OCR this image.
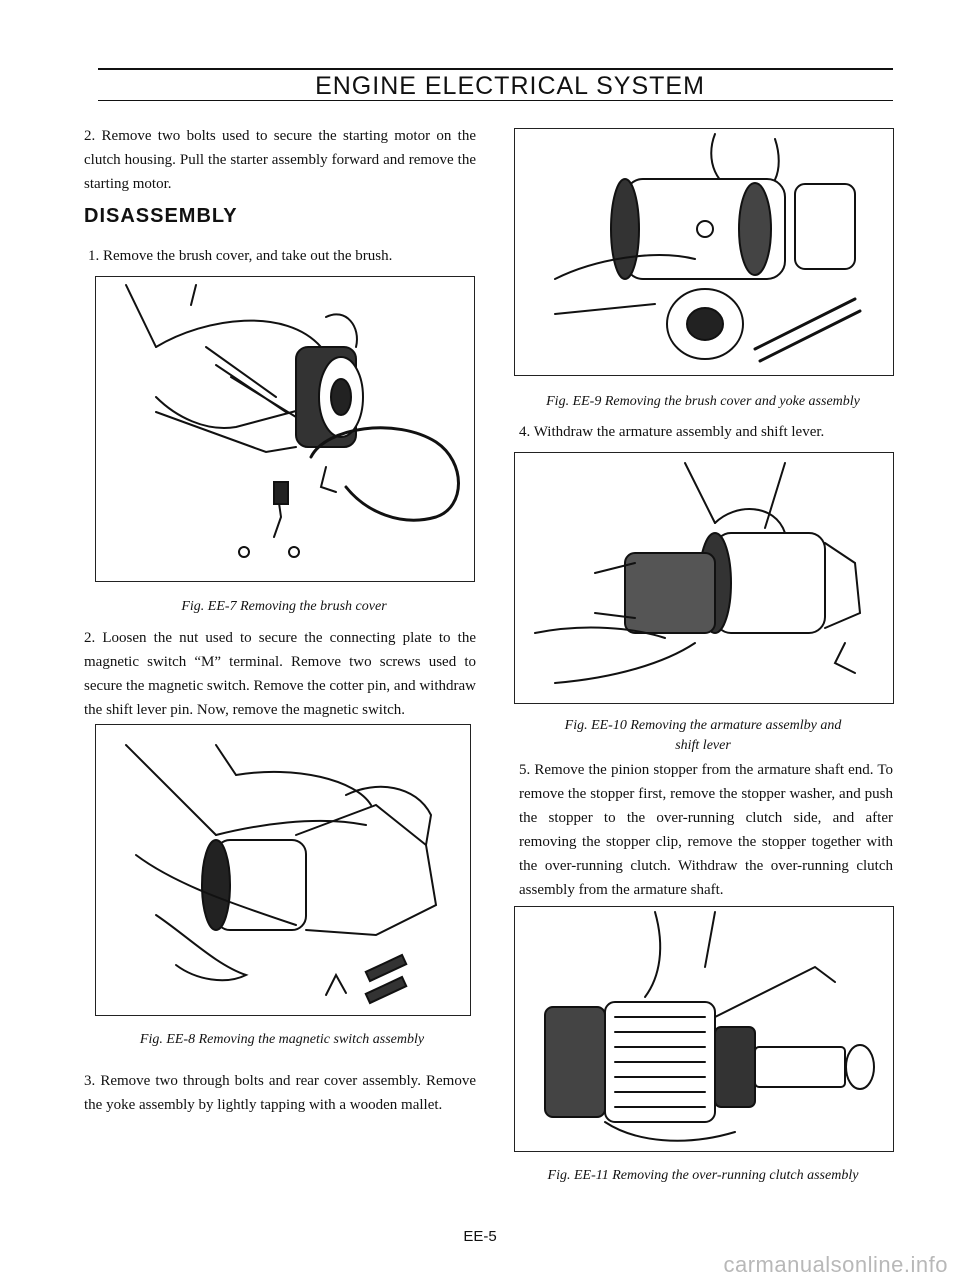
ENGINE ELECTRICAL SYSTEM
2. Remove two bolts used to secure the starting motor on the clutch housing. Pull the starter assembly forward and remove the starting motor.
DISASSEMBLY
1. Remove the brush cover, and take out the brush.
Fig. EE-7 Removing the brush cover
2. Loosen the nut used to secure the connecting plate to the magnetic switch “M” terminal. Remove two screws used to secure the magnetic switch. Remove the cotter pin, and withdraw the shift lever pin. Now, remove the magnetic switch.
Fig. EE-8 Removing the magnetic switch assembly
3. Remove two through bolts and rear cover assembly. Remove the yoke assembly by lightly tapping with a wooden mallet.
Fig. EE-9 Removing the brush cover and yoke assembly
4. Withdraw the armature assembly and shift lever.
Fig. EE-10 Removing the armature assemlby and
shift lever
5. Remove the pinion stopper from the armature shaft end. To remove the stopper first, remove the stopper washer, and push the stopper to the over-running clutch side, and after removing the stopper clip, remove the stopper together with the over-running clutch. Withdraw the over-running clutch assembly from the armature shaft.
Fig. EE-11 Removing the over-running clutch assembly
EE-5
carmanualsonline.info
